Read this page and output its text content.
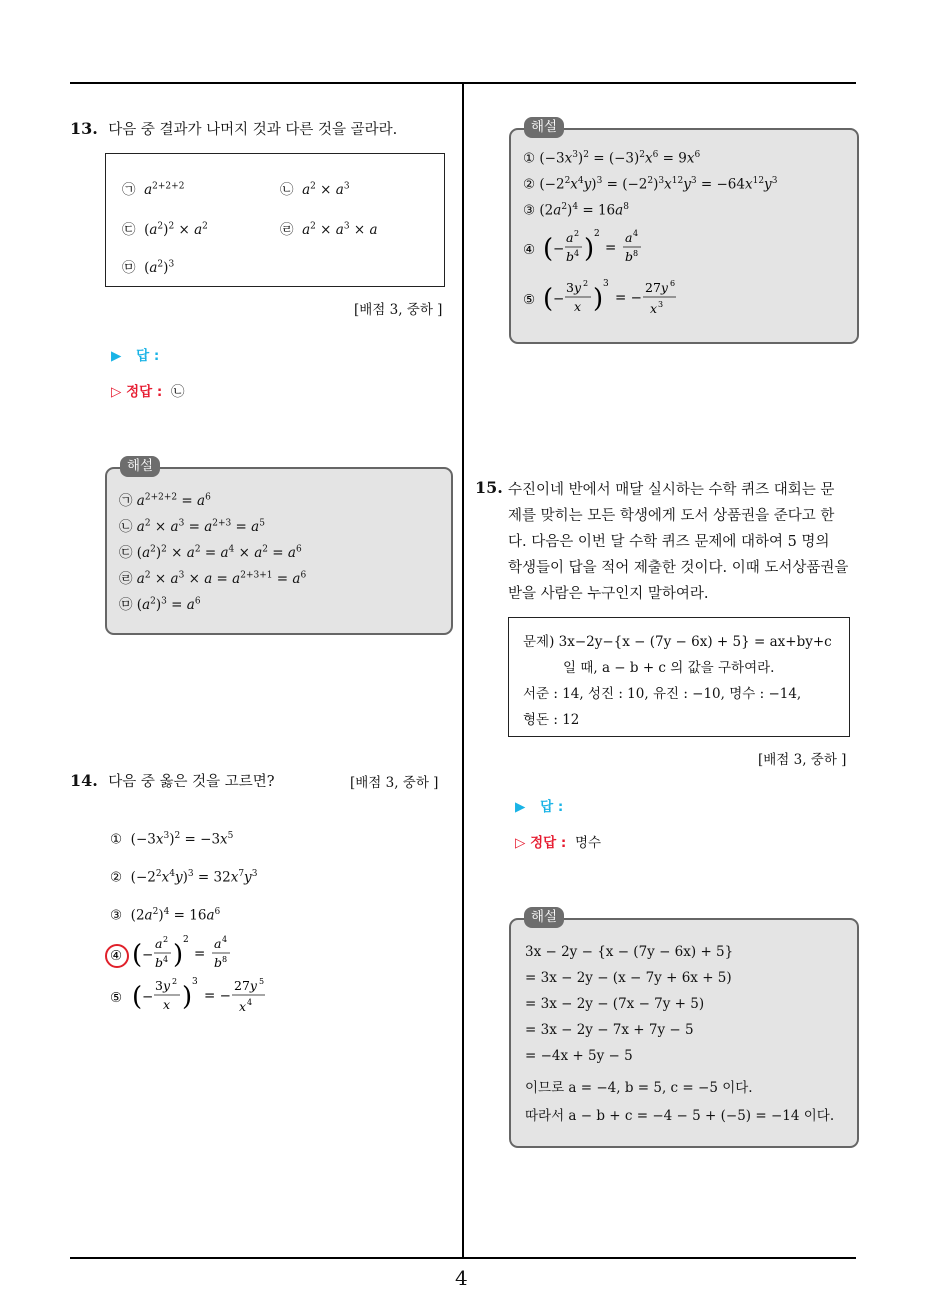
4
13. 다음 중 결과가 나머지 것과 다른 것을 골라라.
㉠  $a^{2+2+2}$	㉡  $a^2 \times a^3$
㉢  $(a^2)^2 \times a^2$	㉣  $a^2 \times a^3 \times a$
㉤  $(a^2)^3$
[배점 3, 중하 ]
▶ 답 :
▷ 정답 : ㉡
㉠ $a^{2+2+2} = a^6$
㉡ $a^2 \times a^3 = a^{2+3} = a^5$
㉢ $(a^2)^2 \times a^2 = a^4 \times a^2 = a^6$
㉣ $a^2 \times a^3 \times a = a^{2+3+1} = a^6$
㉤ $(a^2)^3 = a^6$
해설
14. 다음 중 옳은 것을 고르면?	[배점 3, 중하 ]
①  $(-3x^3)^2 = -3x^5$
②  $(-2^2x^4y)^3 = 32x^7y^3$
③  $(2a^2)^4 = 16a^6$
④ ( −
a 2
b 4 ) 2
=
a 4
b 8
⑤ ( −
3y 2
x ) 3
= −
27y 5
x 4
① $(-3x^3)^2 = (-3)^2x^6 = 9x^6$
② $(-2^2x^4y)^3 = (-2^2)^3x^{12}y^3 = -64x^{12}y^3$
③ $(2a^2)^4 = 16a^8$
④ ( −
a 2
b 4 ) 2
=
a 4
b 8
⑤ ( −
3y 2
x ) 3
= −
27y 6
x 3
해설
15. 수진이네 반에서 매달 실시하는 수학 퀴즈 대회는 문
제를 맞히는 모든 학생에게 도서 상품권을 준다고 한
다. 다음은 이번 달 수학 퀴즈 문제에 대하여 5 명의
학생들이 답을 적어 제출한 것이다. 이때 도서상품권을
받을 사람은 누구인지 말하여라.
문제) 3x−2y−{x − (7y − 6x) + 5} = ax+by+c
일 때, a − b + c 의 값을 구하여라.
서준 : 14, 성진 : 10, 유진 : −10, 명수 : −14,
형돈 : 12
[배점 3, 중하 ]
▶ 답 :
▷ 정답 : 명수
3x − 2y − {x − (7y − 6x) + 5}
= 3x − 2y − (x − 7y + 6x + 5)
= 3x − 2y − (7x − 7y + 5)
= 3x − 2y − 7x + 7y − 5
= −4x + 5y − 5
이므로 a = −4, b = 5, c = −5 이다.
따라서 a − b + c = −4 − 5 + (−5) = −14 이다.
해설
